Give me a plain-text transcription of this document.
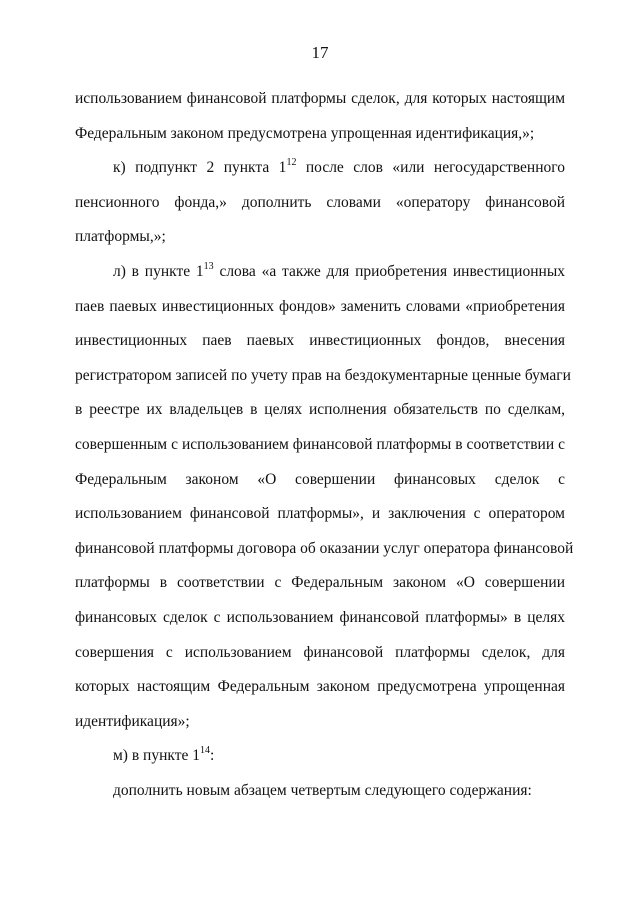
17
использованием финансовой платформы сделок, для которых настоящим
Федеральным законом предусмотрена упрощенная идентификация,»;
к) подпункт 2 пункта $1^{12}$ после слов «или негосударственного
пенсионного фонда,» дополнить словами «оператору финансовой
платформы,»;
л) в пункте $1^{13}$ слова «а также для приобретения инвестиционных
паев паевых инвестиционных фондов» заменить словами «приобретения
инвестиционных паев паевых инвестиционных фондов, внесения
регистратором записей по учету прав на бездокументарные ценные бумаги
в реестре их владельцев в целях исполнения обязательств по сделкам,
совершенным с использованием финансовой платформы в соответствии с
Федеральным законом «О совершении финансовых сделок с
использованием финансовой платформы», и заключения с оператором
финансовой платформы договора об оказании услуг оператора финансовой
платформы в соответствии с Федеральным законом «О совершении
финансовых сделок с использованием финансовой платформы» в целях
совершения с использованием финансовой платформы сделок, для
которых настоящим Федеральным законом предусмотрена упрощенная
идентификация»;
м) в пункте $1^{14}$:
дополнить новым абзацем четвертым следующего содержания:
